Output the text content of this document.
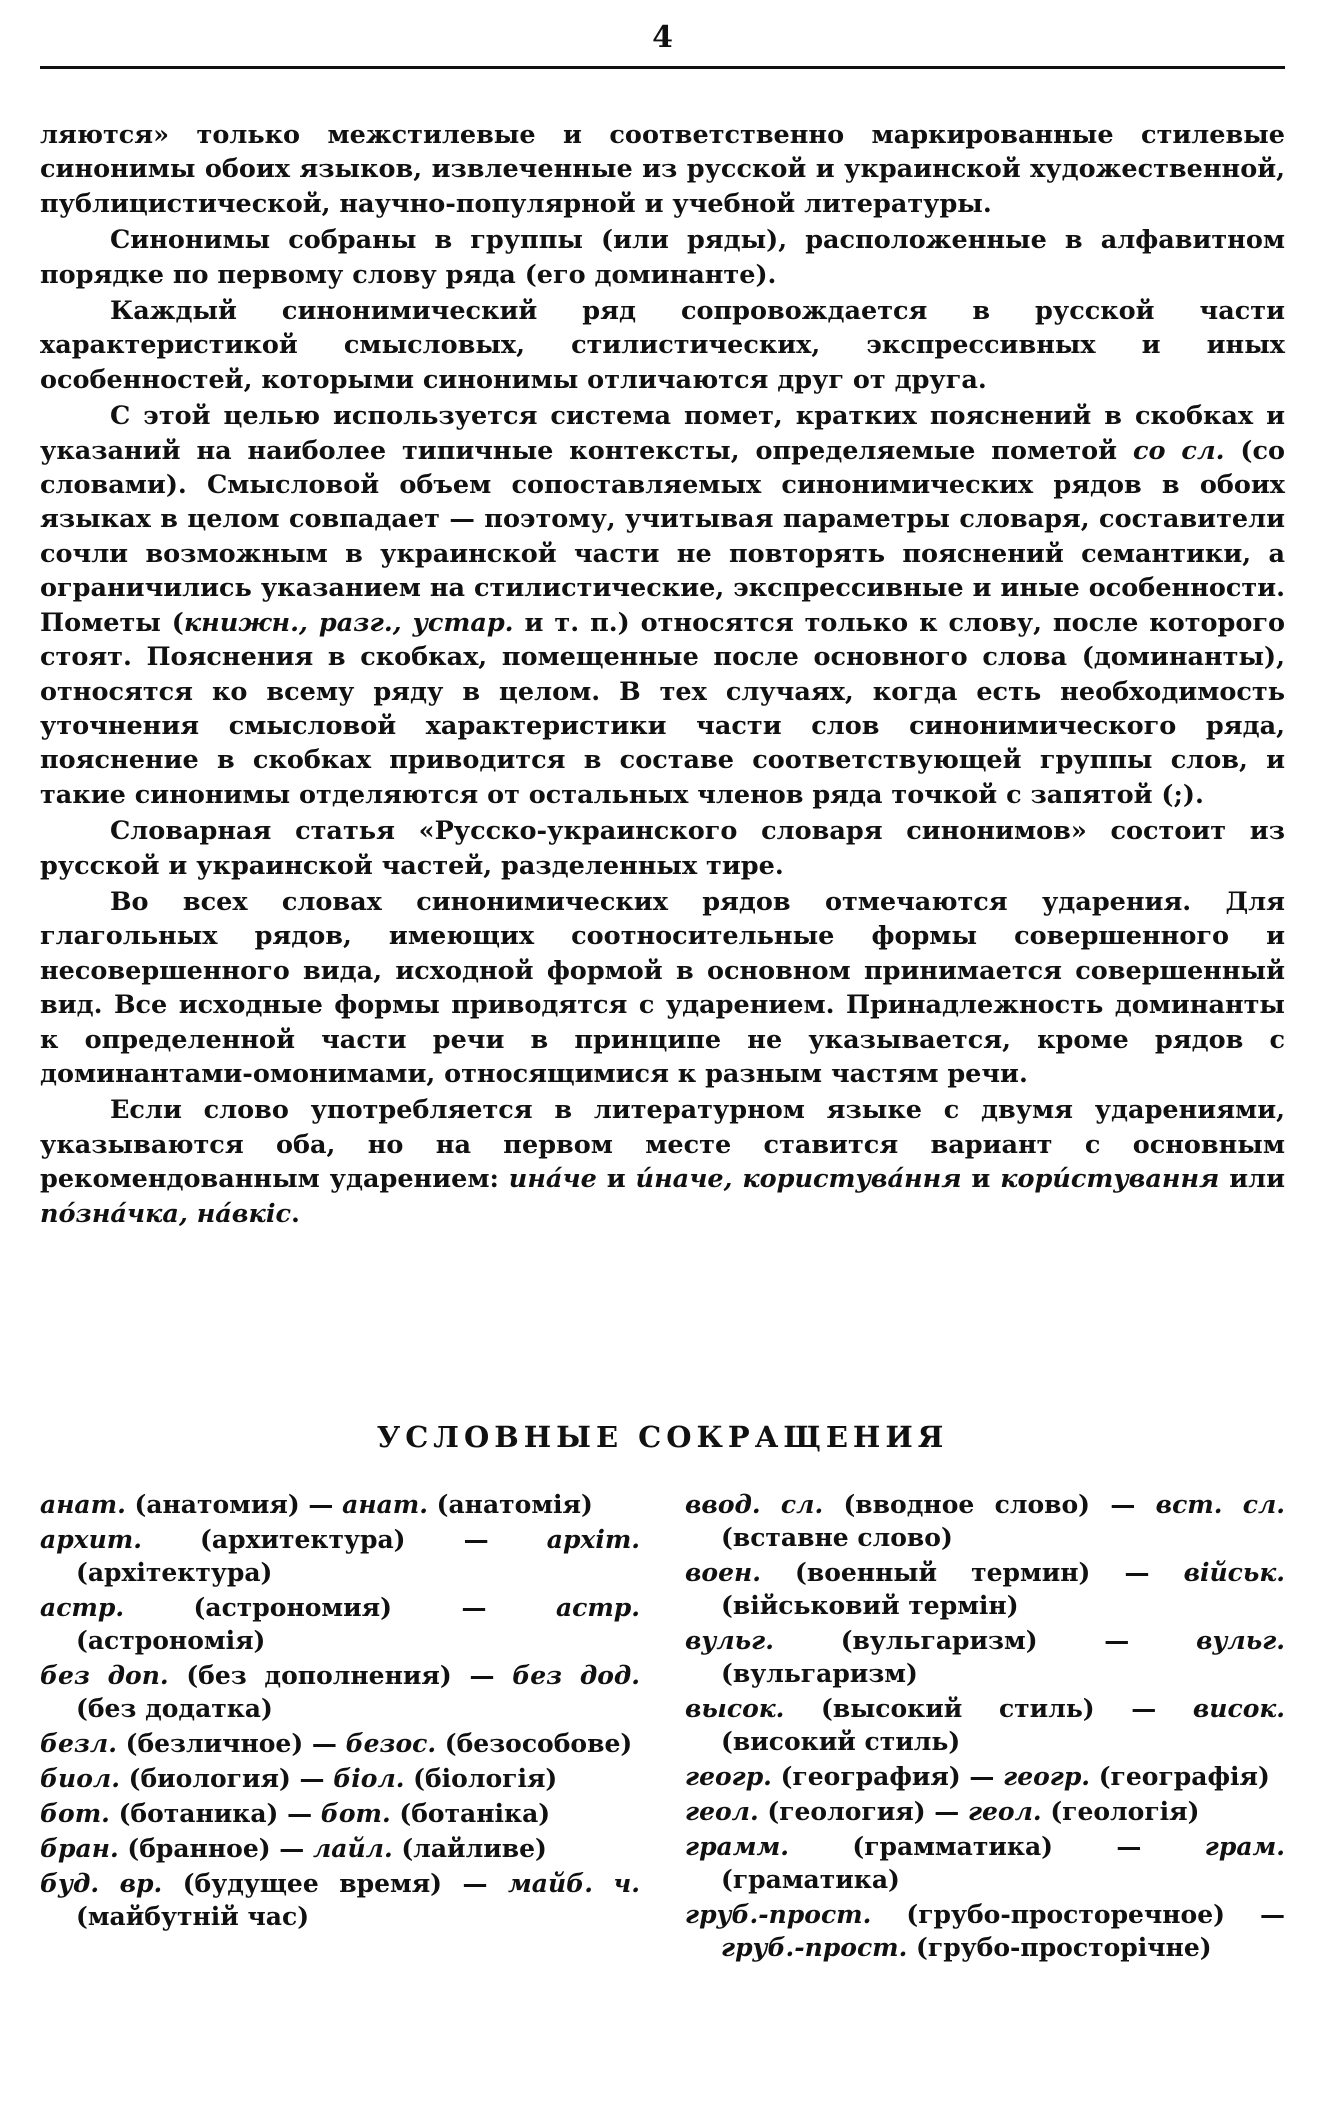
4

ляются» только межстилевые и соответственно маркированные стилевые синонимы обоих языков, извлеченные из русской и украинской художественной, публицистической, научно-популярной и учебной литературы.

Синонимы собраны в группы (или ряды), расположенные в алфавитном порядке по первому слову ряда (его доминанте).

Каждый синонимический ряд сопровождается в русской части характеристикой смысловых, стилистических, экспрессивных и иных особенностей, которыми синонимы отличаются друг от друга.

С этой целью используется система помет, кратких пояснений в скобках и указаний на наиболее типичные контексты, определяемые пометой со сл. (со словами). Смысловой объем сопоставляемых синонимических рядов в обоих языках в целом совпадает — поэтому, учитывая параметры словаря, составители сочли возможным в украинской части не повторять пояснений семантики, а ограничились указанием на стилистические, экспрессивные и иные особенности. Пометы (книжн., разг., устар. и т. п.) относятся только к слову, после которого стоят. Пояснения в скобках, помещенные после основного слова (доминанты), относятся ко всему ряду в целом. В тех случаях, когда есть необходимость уточнения смысловой характеристики части слов синонимического ряда, пояснение в скобках приводится в составе соответствующей группы слов, и такие синонимы отделяются от остальных членов ряда точкой с запятой (;).

Словарная статья «Русско-украинского словаря синонимов» состоит из русской и украинской частей, разделенных тире.

Во всех словах синонимических рядов отмечаются ударения. Для глагольных рядов, имеющих соотносительные формы совершенного и несовершенного вида, исходной формой в основном принимается совершенный вид. Все исходные формы приводятся с ударением. Принадлежность доминанты к определенной части речи в принципе не указывается, кроме рядов с доминантами-омонимами, относящимися к разным частям речи.

Если слово употребляется в литературном языке с двумя ударениями, указываются оба, но на первом месте ставится вариант с основным рекомендованным ударением: ина́че и и́наче, користува́ння и кори́стування или по́зна́чка, на́вкіс.

УСЛОВНЫЕ СОКРАЩЕНИЯ
анат. (анатомия) — анат. (анатомія)
архит. (архитектура) — архіт. (архітектура)
астр. (астрономия) — астр. (астрономія)
без доп. (без дополнения) — без дод. (без додатка)
безл. (безличное) — безос. (безособове)
биол. (биология) — біол. (біологія)
бот. (ботаника) — бот. (ботаніка)
бран. (бранное) — лайл. (лайливе)
буд. вр. (будущее время) — майб. ч. (майбутній час)
ввод. сл. (вводное слово) — вст. сл. (вставне слово)
воен. (военный термин) — військ. (військовий термін)
вульг. (вульгаризм) — вульг. (вульгаризм)
высок. (высокий стиль) — висок. (високий стиль)
геогр. (география) — геогр. (географія)
геол. (геология) — геол. (геологія)
грамм. (грамматика) — грам. (граматика)
груб.-прост. (грубо-просторечное) — груб.-прост. (грубо-просторічне)
